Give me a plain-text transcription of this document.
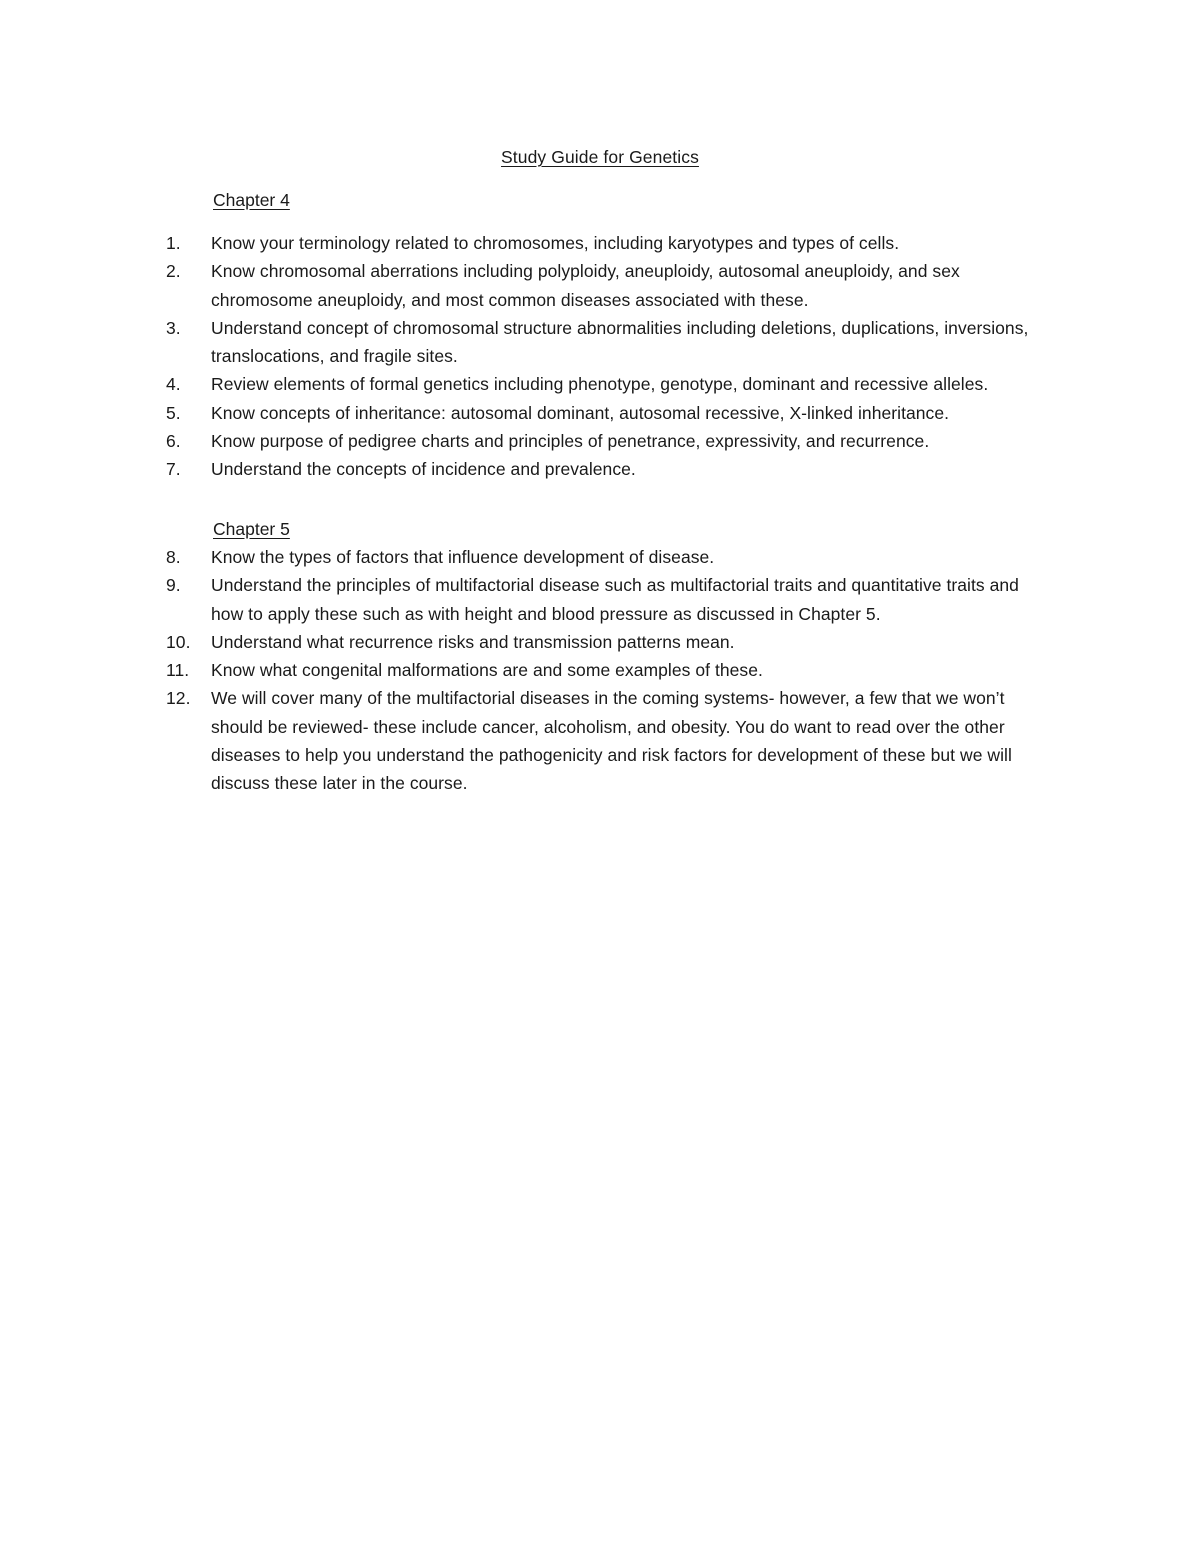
Study Guide for Genetics
Chapter 4
1.	Know your terminology related to chromosomes, including karyotypes and types of cells.
2.	Know chromosomal aberrations including polyploidy, aneuploidy, autosomal aneuploidy, and sex chromosome aneuploidy, and most common diseases associated with these.
3.	Understand concept of chromosomal structure abnormalities including deletions, duplications, inversions, translocations, and fragile sites.
4.	Review elements of formal genetics including phenotype, genotype, dominant and recessive alleles.
5.	Know concepts of inheritance: autosomal dominant, autosomal recessive, X-linked inheritance.
6.	Know purpose of pedigree charts and principles of penetrance, expressivity, and recurrence.
7.	Understand the concepts of incidence and prevalence.
Chapter 5
8.	Know the types of factors that influence development of disease.
9.	Understand the principles of multifactorial disease such as multifactorial traits and quantitative traits and how to apply these such as with height and blood pressure as discussed in Chapter 5.
10.	Understand what recurrence risks and transmission patterns mean.
11.	Know what congenital malformations are and some examples of these.
12.	We will cover many of the multifactorial diseases in the coming systems- however, a few that we won’t should be reviewed- these include cancer, alcoholism, and obesity. You do want to read over the other diseases to help you understand the pathogenicity and risk factors for development of these but we will discuss these later in the course.
